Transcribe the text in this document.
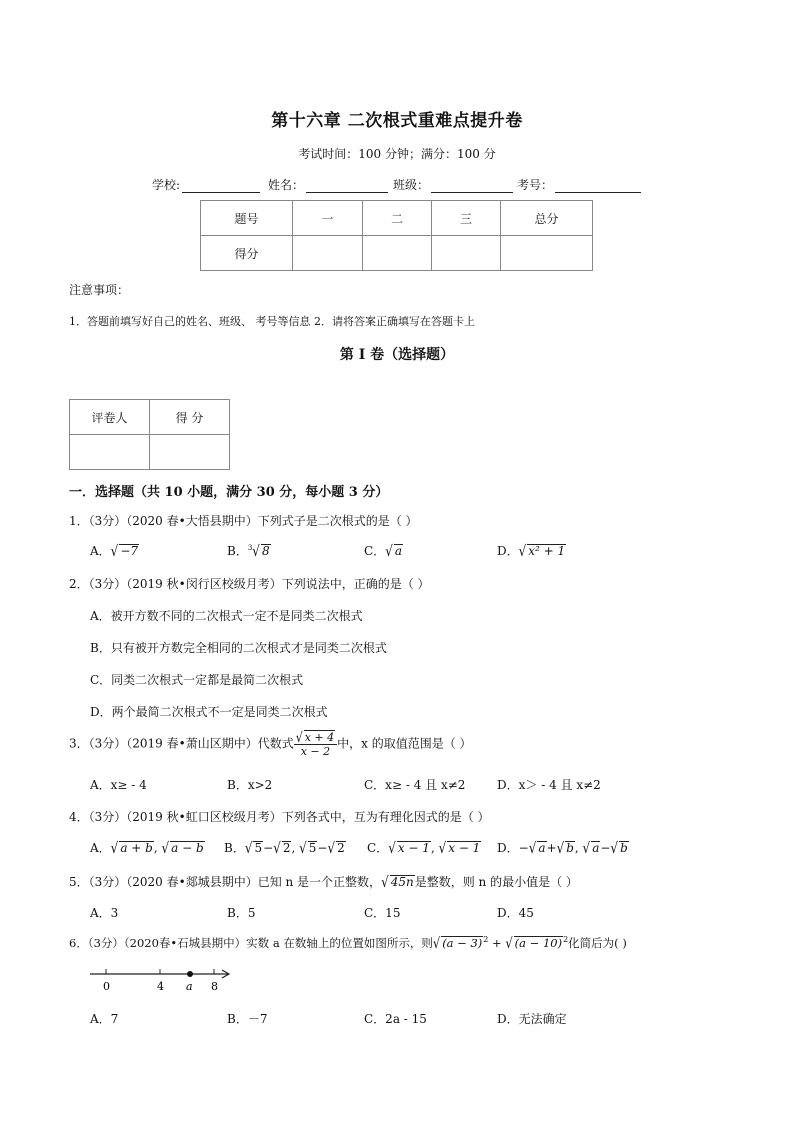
第十六章 二次根式重难点提升卷
考试时间：100 分钟；满分：100 分
学校:	姓名：	班级：	考号：
题号	一	二	三	总分
得分				
注意事项：
1．答题前填写好自己的姓名、班级、 考号等信息 2．请将答案正确填写在答题卡上
第 I 卷（选择题）
评卷人	得 分

一．选择题（共 10 小题，满分 30 分，每小题 3 分）
1．（3分）（2020 春•大悟县期中）下列式子是二次根式的是（ ）
A．√ −7	B．$^3$√ 8	C．√ a	D．√ x² + 1
2．（3分）（2019 秋•闵行区校级月考）下列说法中，正确的是（ ）
A．被开方数不同的二次根式一定不是同类二次根式
B．只有被开方数完全相同的二次根式才是同类二次根式
C．同类二次根式一定都是最简二次根式
D．两个最简二次根式不一定是同类二次根式
3．（3分）（2019 春•萧山区期中）代数式 $\frac{√ x + 4}{x - 2}$ 中，x 的取值范围是（ ）
A．x≥ - 4	B．x>2	C．x≥ - 4 且 x≠2	D．x＞ - 4 且 x≠2
4．（3分）（2019 秋•虹口区校级月考）下列各式中，互为有理化因式的是（ ）
A．√ a + b, √ a − b B．√ 5−√ 2, √ 5−√ 2 C．√ x − 1, √ x − 1 D．−√ a+√ b, √ a−√ b
5．（3分）（2020 春•郯城县期中）已知 n 是一个正整数，√ 45n是整数，则 n 的最小值是（ ）
A．3	B．5	C．15	D．45
6．（3分）（2020春•石城县期中）实数 a 在数轴上的位置如图所示，则√ $(a - 3)^2$ + √ $(a - 10)^2$化简后为( )
0	4 a 8
A．7	B．－7	C．2a - 15	D．无法确定
